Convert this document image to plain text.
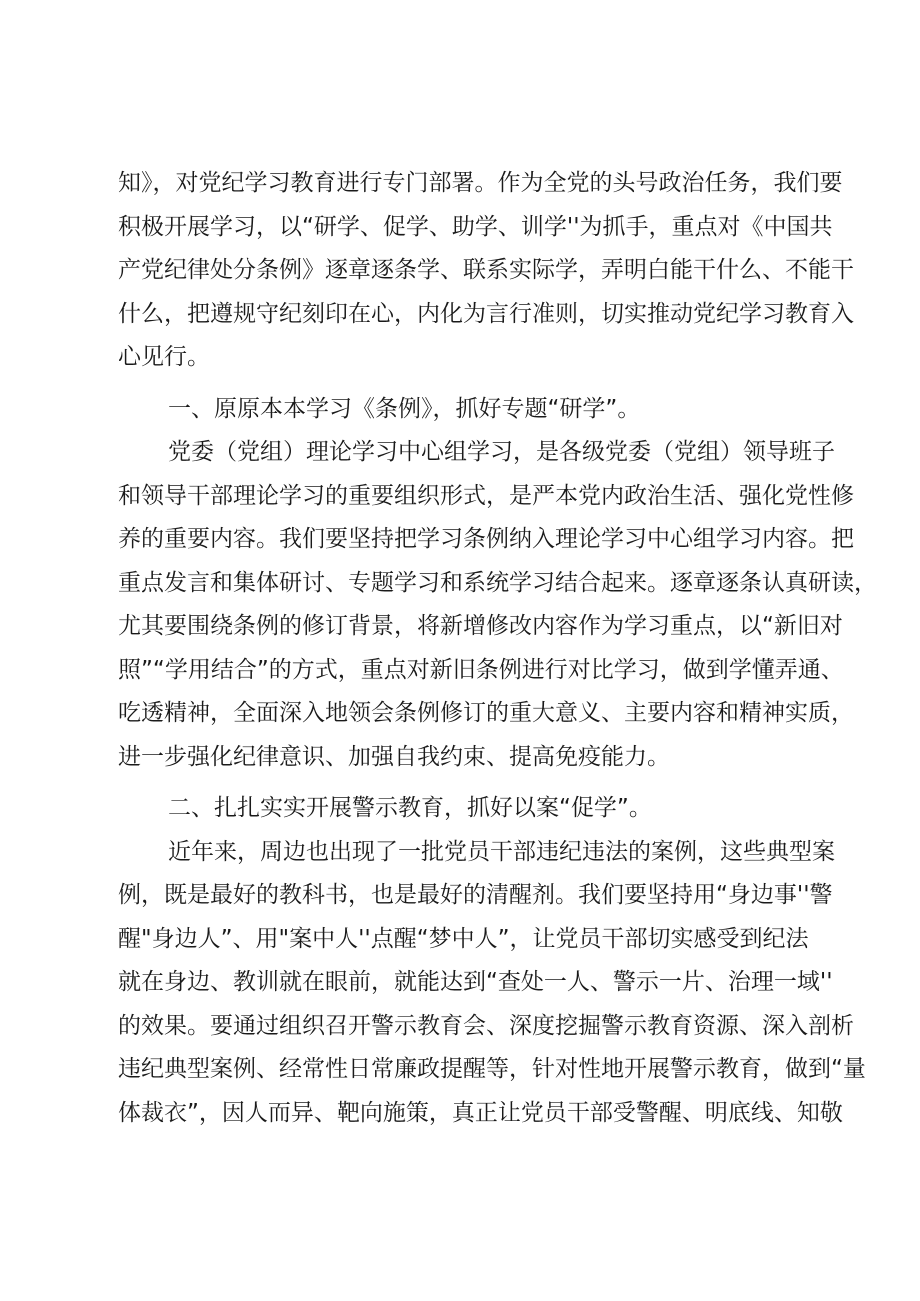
知》，对党纪学习教育进行专门部署。作为全党的头号政治任务，我们要
积极开展学习，以“研学、促学、助学、训学''为抓手，重点对《中国共
产党纪律处分条例》逐章逐条学、联系实际学，弄明白能干什么、不能干
什么，把遵规守纪刻印在心，内化为言行准则，切实推动党纪学习教育入
心见行。
一、原原本本学习《条例》，抓好专题“研学”。
党委（党组）理论学习中心组学习，是各级党委（党组）领导班子
和领导干部理论学习的重要组织形式，是严本党内政治生活、强化党性修
养的重要内容。我们要坚持把学习条例纳入理论学习中心组学习内容。把
重点发言和集体研讨、专题学习和系统学习结合起来。逐章逐条认真研读，
尤其要围绕条例的修订背景，将新增修改内容作为学习重点，以“新旧对
照”“学用结合”的方式，重点对新旧条例进行对比学习，做到学懂弄通、
吃透精神，全面深入地领会条例修订的重大意义、主要内容和精神实质，
进一步强化纪律意识、加强自我约束、提高免疫能力。
二、扎扎实实开展警示教育，抓好以案“促学”。
近年来，周边也出现了一批党员干部违纪违法的案例，这些典型案
例，既是最好的教科书，也是最好的清醒剂。我们要坚持用“身边事''警
醒"身边人”、用"案中人''点醒“梦中人”，让党员干部切实感受到纪法
就在身边、教训就在眼前，就能达到“查处一人、警示一片、治理一域''
的效果。要通过组织召开警示教育会、深度挖掘警示教育资源、深入剖析
违纪典型案例、经常性日常廉政提醒等，针对性地开展警示教育，做到“量
体裁衣”，因人而异、靶向施策，真正让党员干部受警醒、明底线、知敬
